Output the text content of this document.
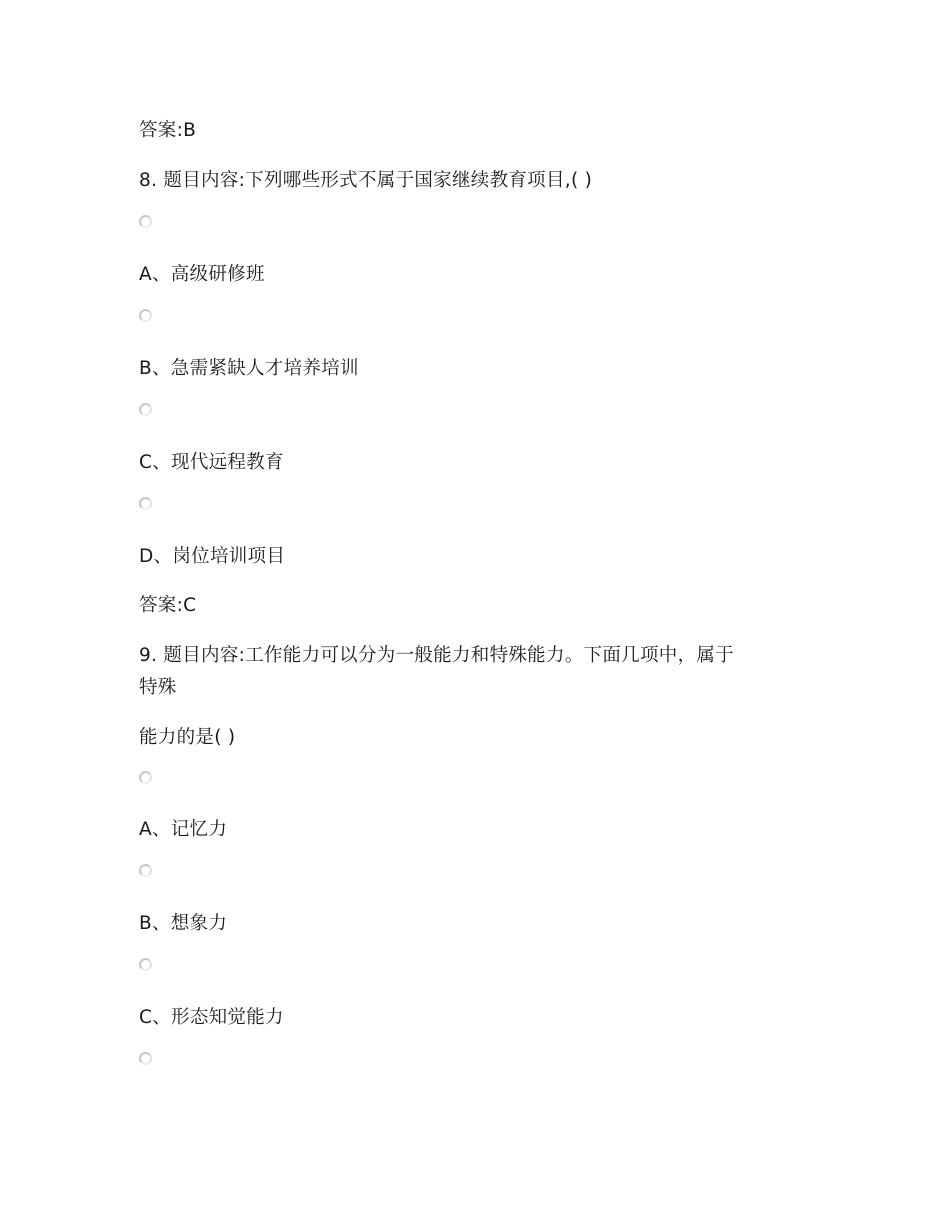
答案:B
8. 题目内容:下列哪些形式不属于国家继续教育项目,( )
A、高级研修班
B、急需紧缺人才培养培训
C、现代远程教育
D、岗位培训项目
答案:C
9. 题目内容:工作能力可以分为一般能力和特殊能力。下面几项中，属于
特殊
能力的是( )
A、记忆力
B、想象力
C、形态知觉能力
